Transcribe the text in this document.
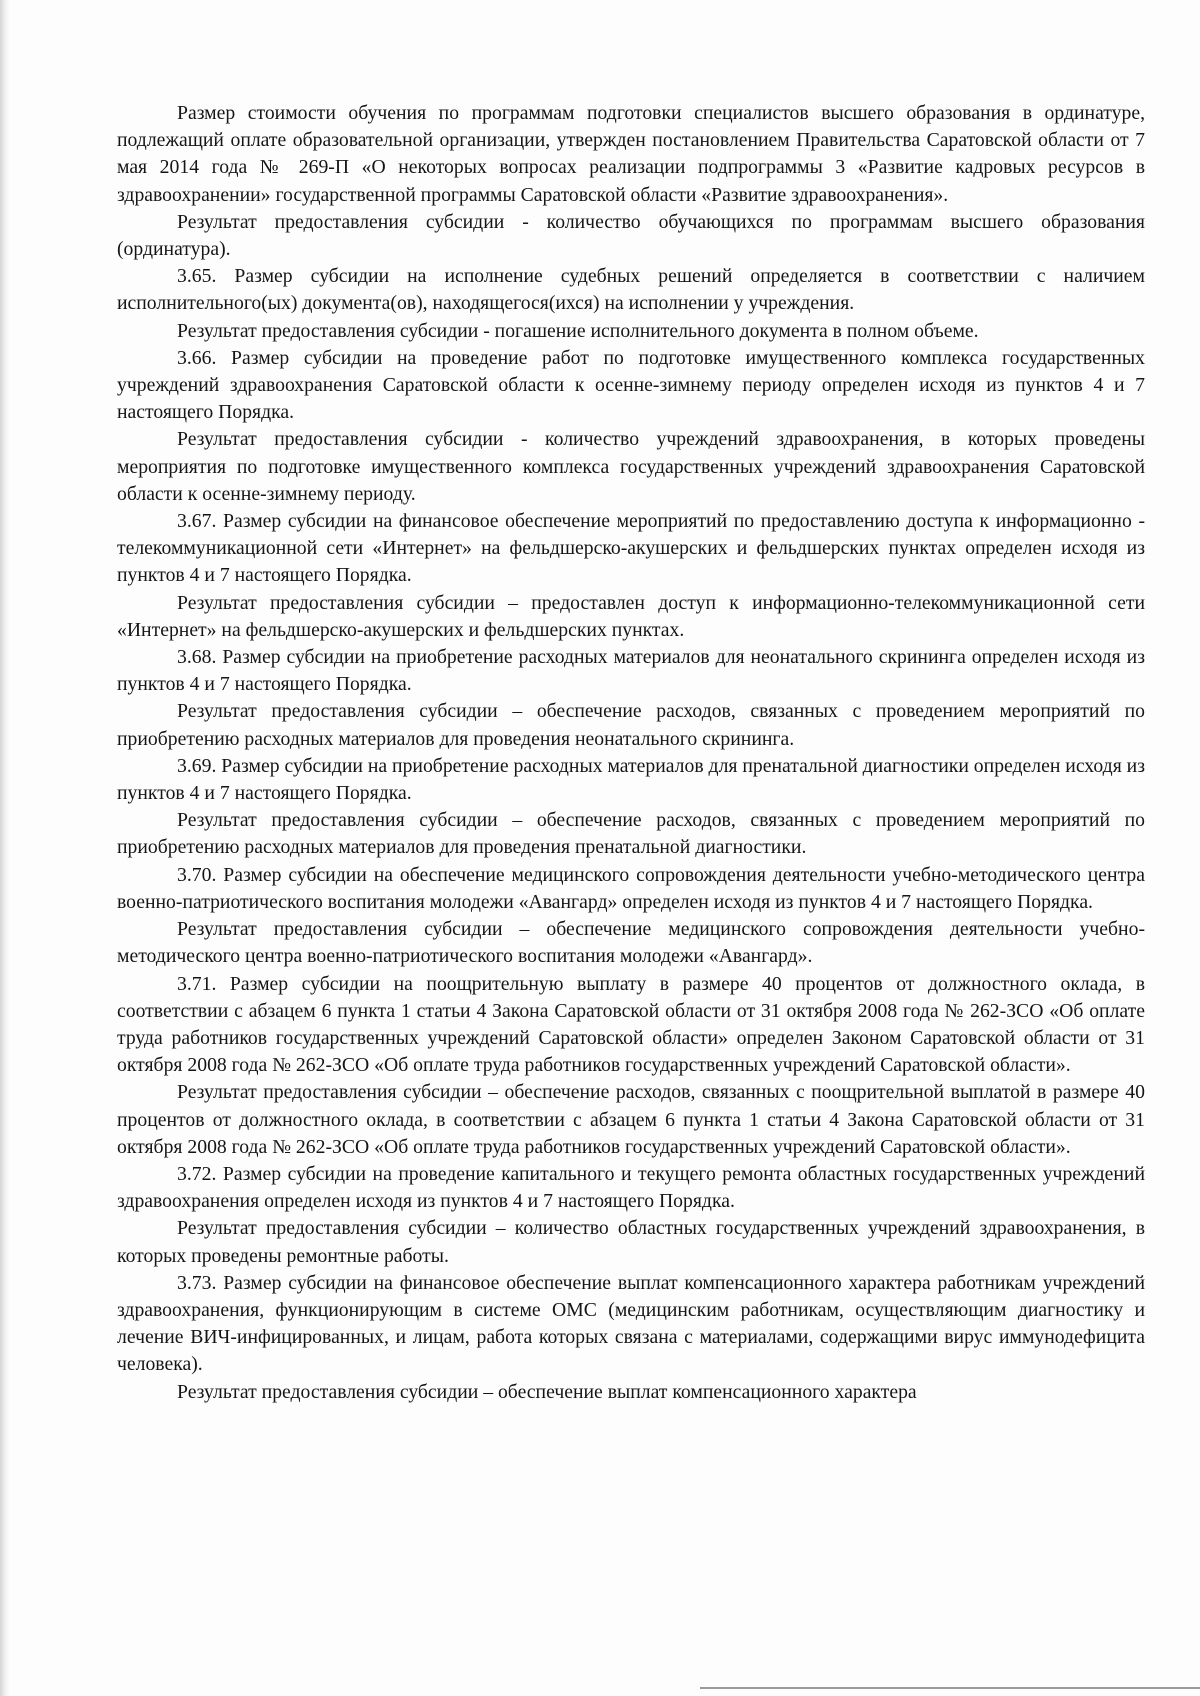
Размер стоимости обучения по программам подготовки специалистов высшего образования в ординатуре, подлежащий оплате образовательной организации, утвержден постановлением Правительства Саратовской области от 7 мая 2014 года № 269-П «О некоторых вопросах реализации подпрограммы 3 «Развитие кадровых ресурсов в здравоохранении» государственной программы Саратовской области «Развитие здравоохранения».

Результат предоставления субсидии - количество обучающихся по программам высшего образования (ординатура).

3.65. Размер субсидии на исполнение судебных решений определяется в соответствии с наличием исполнительного(ых) документа(ов), находящегося(ихся) на исполнении у учреждения.

Результат предоставления субсидии - погашение исполнительного документа в полном объеме.

3.66. Размер субсидии на проведение работ по подготовке имущественного комплекса государственных учреждений здравоохранения Саратовской области к осенне-зимнему периоду определен исходя из пунктов 4 и 7 настоящего Порядка.

Результат предоставления субсидии - количество учреждений здравоохранения, в которых проведены мероприятия по подготовке имущественного комплекса государственных учреждений здравоохранения Саратовской области к осенне-зимнему периоду.

3.67. Размер субсидии на финансовое обеспечение мероприятий по предоставлению доступа к информационно - телекоммуникационной сети «Интернет» на фельдшерско-акушерских и фельдшерских пунктах определен исходя из пунктов 4 и 7 настоящего Порядка.

Результат предоставления субсидии – предоставлен доступ к информационно-телекоммуникационной сети «Интернет» на фельдшерско-акушерских и фельдшерских пунктах.

3.68. Размер субсидии на приобретение расходных материалов для неонатального скрининга определен исходя из пунктов 4 и 7 настоящего Порядка.

Результат предоставления субсидии – обеспечение расходов, связанных с проведением мероприятий по приобретению расходных материалов для проведения неонатального скрининга.

3.69. Размер субсидии на приобретение расходных материалов для пренатальной диагностики определен исходя из пунктов 4 и 7 настоящего Порядка.

Результат предоставления субсидии – обеспечение расходов, связанных с проведением мероприятий по приобретению расходных материалов для проведения пренатальной диагностики.

3.70. Размер субсидии на обеспечение медицинского сопровождения деятельности учебно-методического центра военно-патриотического воспитания молодежи «Авангард» определен исходя из пунктов 4 и 7 настоящего Порядка.

Результат предоставления субсидии – обеспечение медицинского сопровождения деятельности учебно-методического центра военно-патриотического воспитания молодежи «Авангард».

3.71. Размер субсидии на поощрительную выплату в размере 40 процентов от должностного оклада, в соответствии с абзацем 6 пункта 1 статьи 4 Закона Саратовской области от 31 октября 2008 года № 262-ЗСО «Об оплате труда работников государственных учреждений Саратовской области» определен Законом Саратовской области от 31 октября 2008 года № 262-ЗСО «Об оплате труда работников государственных учреждений Саратовской области».

Результат предоставления субсидии – обеспечение расходов, связанных с поощрительной выплатой в размере 40 процентов от должностного оклада, в соответствии с абзацем 6 пункта 1 статьи 4 Закона Саратовской области от 31 октября 2008 года № 262-ЗСО «Об оплате труда работников государственных учреждений Саратовской области».

3.72. Размер субсидии на проведение капитального и текущего ремонта областных государственных учреждений здравоохранения определен исходя из пунктов 4 и 7 настоящего Порядка.

Результат предоставления субсидии – количество областных государственных учреждений здравоохранения, в которых проведены ремонтные работы.

3.73. Размер субсидии на финансовое обеспечение выплат компенсационного характера работникам учреждений здравоохранения, функционирующим в системе ОМС (медицинским работникам, осуществляющим диагностику и лечение ВИЧ-инфицированных, и лицам, работа которых связана с материалами, содержащими вирус иммунодефицита человека).

Результат предоставления субсидии – обеспечение выплат компенсационного характера
